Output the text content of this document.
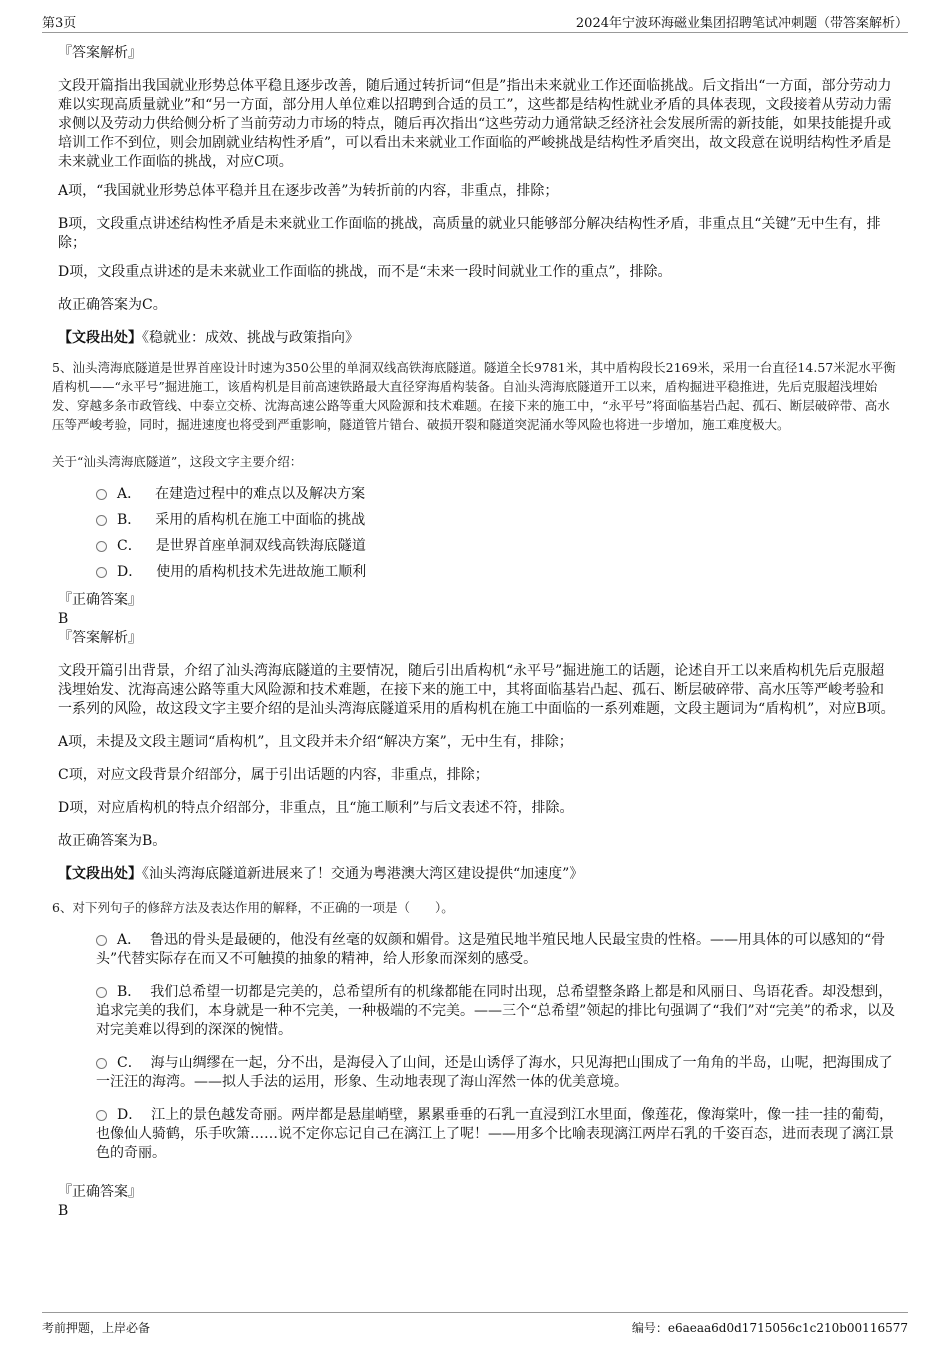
第3页	2024年宁波环海磁业集团招聘笔试冲刺题（带答案解析）

『答案解析』

文段开篇指出我国就业形势总体平稳且逐步改善，随后通过转折词“但是”指出未来就业工作还面临挑战。后文指出“一方面，部分劳动力难以实现高质量就业”和“另一方面，部分用人单位难以招聘到合适的员工”，这些都是结构性就业矛盾的具体表现，文段接着从劳动力需求侧以及劳动力供给侧分析了当前劳动力市场的特点，随后再次指出“这些劳动力通常缺乏经济社会发展所需的新技能，如果技能提升或培训工作不到位，则会加剧就业结构性矛盾”，可以看出未来就业工作面临的严峻挑战是结构性矛盾突出，故文段意在说明结构性矛盾是未来就业工作面临的挑战，对应C项。

A项，“我国就业形势总体平稳并且在逐步改善”为转折前的内容，非重点，排除；

B项，文段重点讲述结构性矛盾是未来就业工作面临的挑战，高质量的就业只能够部分解决结构性矛盾，非重点且“关键”无中生有，排除；

D项，文段重点讲述的是未来就业工作面临的挑战，而不是“未来一段时间就业工作的重点”，排除。

故正确答案为C。

【文段出处】《稳就业：成效、挑战与政策指向》

5、汕头湾海底隧道是世界首座设计时速为350公里的单洞双线高铁海底隧道。隧道全长9781米，其中盾构段长2169米，采用一台直径14.57米泥水平衡盾构机——“永平号”掘进施工，该盾构机是目前高速铁路最大直径穿海盾构装备。自汕头湾海底隧道开工以来，盾构掘进平稳推进，先后克服超浅埋始发、穿越多条市政管线、中泰立交桥、沈海高速公路等重大风险源和技术难题。在接下来的施工中，“永平号”将面临基岩凸起、孤石、断层破碎带、高水压等严峻考验，同时，掘进速度也将受到严重影响，隧道管片错台、破损开裂和隧道突泥涌水等风险也将进一步增加，施工难度极大。

关于“汕头湾海底隧道”，这段文字主要介绍：

A． 在建造过程中的难点以及解决方案
B． 采用的盾构机在施工中面临的挑战
C． 是世界首座单洞双线高铁海底隧道
D． 使用的盾构机技术先进故施工顺利

『正确答案』

B

『答案解析』

文段开篇引出背景，介绍了汕头湾海底隧道的主要情况，随后引出盾构机“永平号”掘进施工的话题，论述自开工以来盾构机先后克服超浅埋始发、沈海高速公路等重大风险源和技术难题，在接下来的施工中，其将面临基岩凸起、孤石、断层破碎带、高水压等严峻考验和一系列的风险，故这段文字主要介绍的是汕头湾海底隧道采用的盾构机在施工中面临的一系列难题，文段主题词为“盾构机”，对应B项。

A项，未提及文段主题词“盾构机”，且文段并未介绍“解决方案”，无中生有，排除；

C项，对应文段背景介绍部分，属于引出话题的内容，非重点，排除；

D项，对应盾构机的特点介绍部分，非重点，且“施工顺利”与后文表述不符，排除。

故正确答案为B。

【文段出处】《汕头湾海底隧道新进展来了！交通为粤港澳大湾区建设提供“加速度”》

6、对下列句子的修辞方法及表达作用的解释，不正确的一项是（　　）。

A． 鲁迅的骨头是最硬的，他没有丝毫的奴颜和媚骨。这是殖民地半殖民地人民最宝贵的性格。——用具体的可以感知的“骨头”代替实际存在而又不可触摸的抽象的精神，给人形象而深刻的感受。

B． 我们总希望一切都是完美的，总希望所有的机缘都能在同时出现，总希望整条路上都是和风丽日、鸟语花香。却没想到，追求完美的我们，本身就是一种不完美，一种极端的不完美。——三个“总希望”领起的排比句强调了“我们”对“完美”的希求，以及对完美难以得到的深深的惋惜。

C． 海与山绸缪在一起，分不出，是海侵入了山间，还是山诱俘了海水，只见海把山围成了一角角的半岛，山呢，把海围成了一汪汪的海湾。——拟人手法的运用，形象、生动地表现了海山浑然一体的优美意境。

D． 江上的景色越发奇丽。两岸都是悬崖峭壁，累累垂垂的石乳一直浸到江水里面，像莲花，像海棠叶，像一挂一挂的葡萄，也像仙人骑鹤，乐手吹箫……说不定你忘记自己在漓江上了呢！——用多个比喻表现漓江两岸石乳的千姿百态，进而表现了漓江景色的奇丽。

『正确答案』

B

考前押题，上岸必备	编号：e6aeaa6d0d1715056c1c210b00116577
